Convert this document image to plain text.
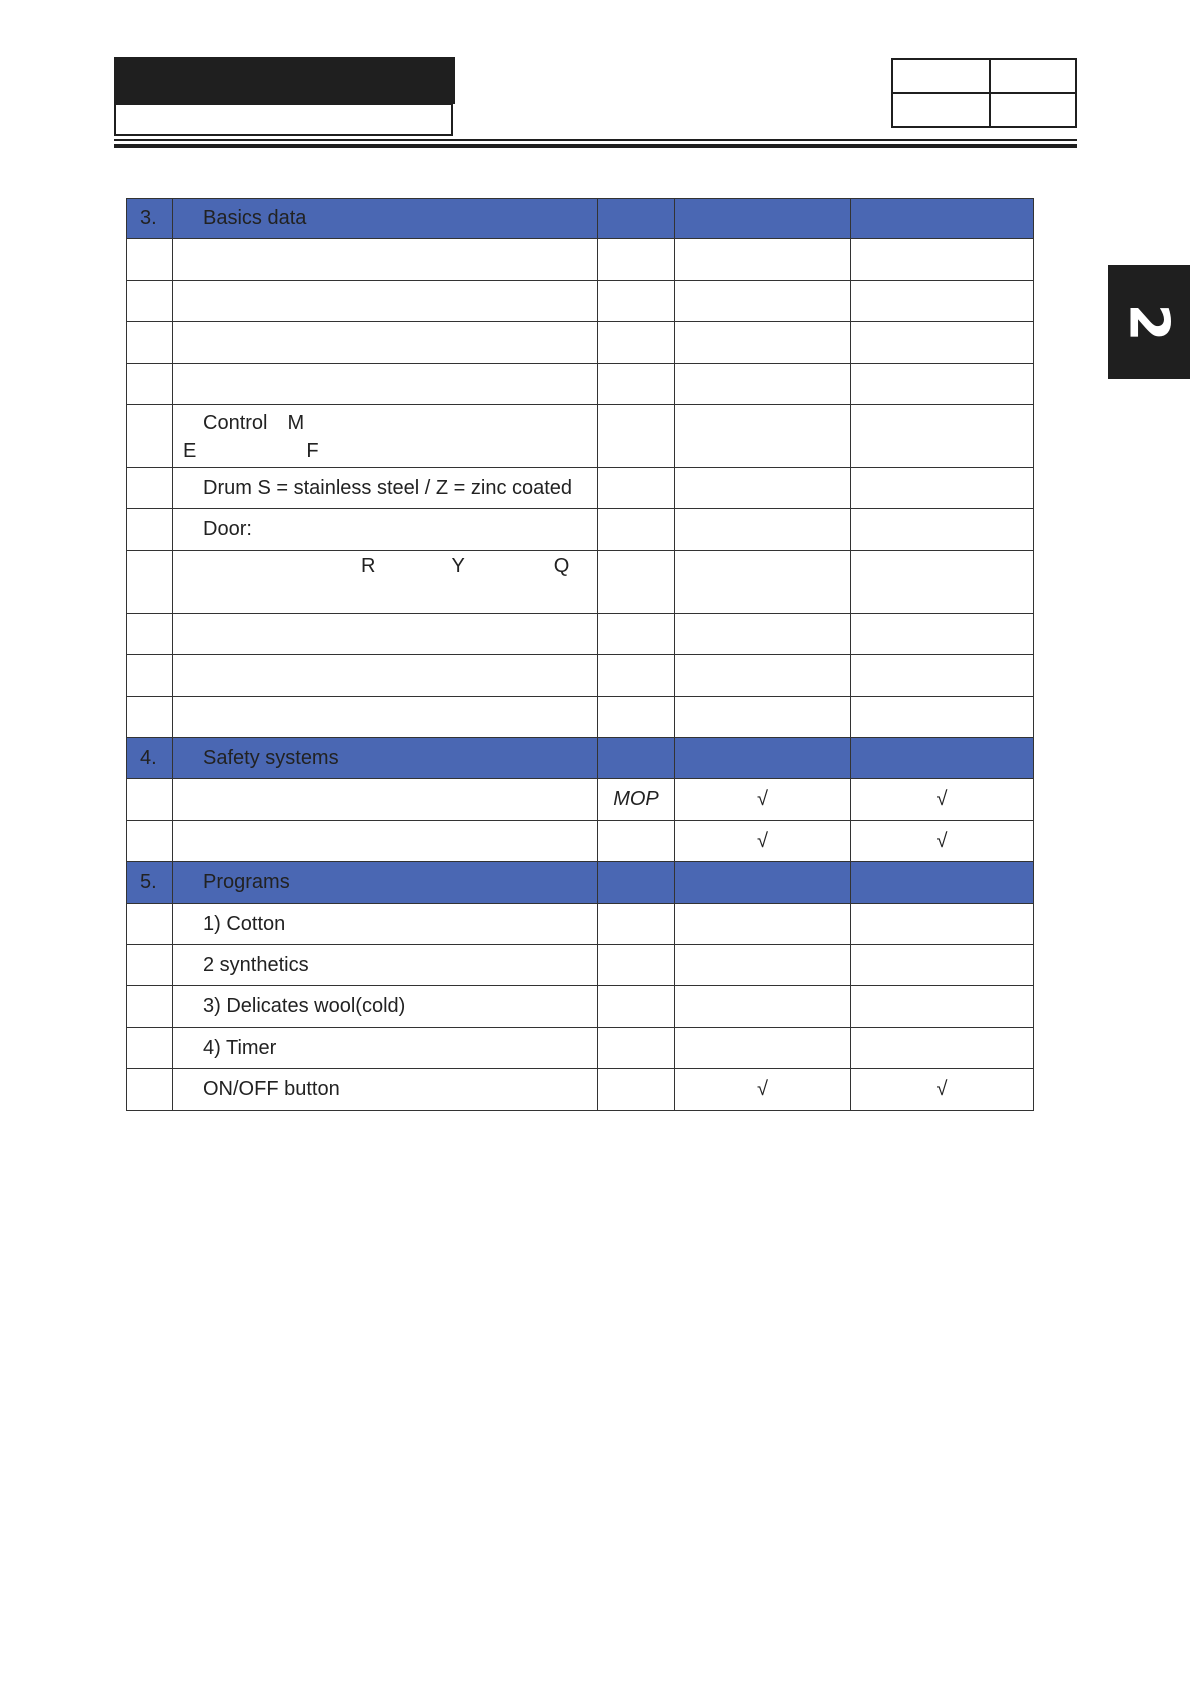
2
3.	Basics data			

	Control M
E F			

	Drum S = stainless steel / Z = zinc coated			
	Door:			
	R Y Q			

4.	Safety systems			
		MOP	√	√
			√	√
5.	Programs			
	1) Cotton			
	2 synthetics			
	3) Delicates wool(cold)			
	4) Timer			
	ON/OFF button		√	√
